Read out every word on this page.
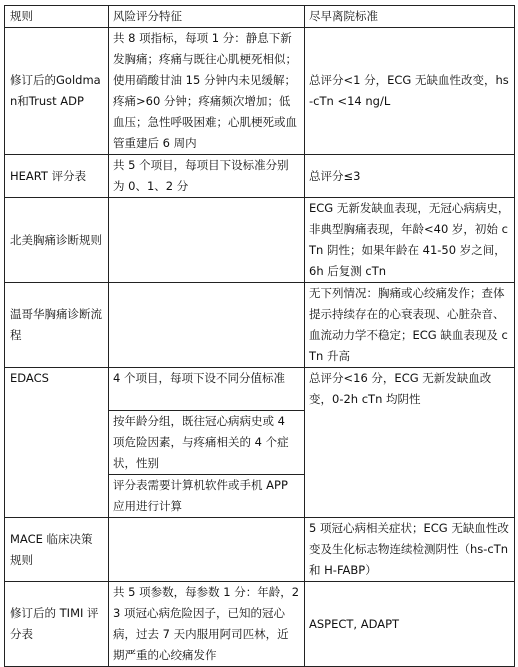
规则	风险评分特征	尽早离院标准
修订后的Goldman和Trust ADP	共 8 项指标，每项 1 分：静息下新发胸痛；疼痛与既往心肌梗死相似；使用硝酸甘油 15 分钟内未见缓解；疼痛>60 分钟；疼痛频次增加；低血压；急性呼吸困难；心肌梗死或血管重建后 6 周内	总评分<1 分，ECG 无缺血性改变，hs-cTn <14 ng/L
HEART 评分表	共 5 个项目，每项目下设标准分别为 0、1、2 分	总评分≤3
北美胸痛诊断规则		ECG 无新发缺血表现，无冠心病病史，非典型胸痛表现，年龄<40 岁，初始 cTn 阴性；如果年龄在 41-50 岁之间，6h 后复测 cTn
温哥华胸痛诊断流程		无下列情况：胸痛或心绞痛发作；查体提示持续存在的心衰表现、心脏杂音、血流动力学不稳定；ECG 缺血表现及 cTn 升高
EDACS	4 个项目，每项下设不同分值标准	总评分<16 分，ECG 无新发缺血改变，0-2h cTn 均阴性
	按年龄分组，既往冠心病病史或 4 项危险因素，与疼痛相关的 4 个症状，性别	
	评分表需要计算机软件或手机 APP 应用进行计算	
MACE 临床决策规则		5 项冠心病相关症状；ECG 无缺血性改变及生化标志物连续检测阴性（hs-cTn 和 H-FABP）
修订后的 TIMI 评分表	共 5 项参数，每参数 1 分：年龄，23 项冠心病危险因子，已知的冠心病，过去 7 天内服用阿司匹林，近期严重的心绞痛发作	ASPECT, ADAPT
